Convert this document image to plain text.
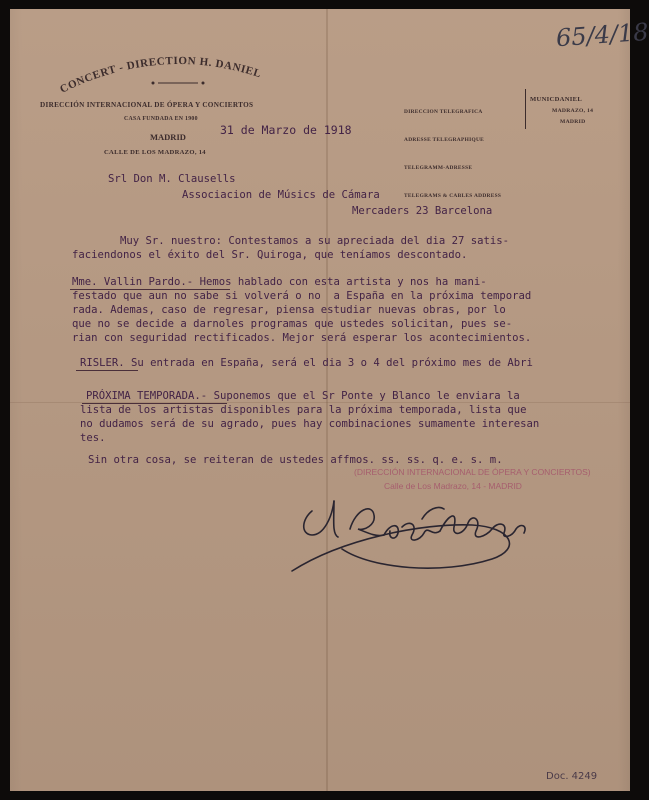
CONCERT - DIRECTION H. DANIEL
DIRECCIÓN INTERNACIONAL DE ÓPERA Y CONCIERTOS
CASA FUNDADA EN 1900
MADRID
CALLE DE LOS MADRAZO, 14

DIRECCION TELEGRAFICA

ADRESSE TELEGRAPHIQUE

TELEGRAMM-ADRESSE

TELEGRAMS & CABLES ADDRESS

MUNICDANIEL
MADRAZO, 14
MADRID
65/4/18
31 de Marzo de 1918
Srl Don M. Clausells
Associacion de Músics de Cámara
Mercaders 23 Barcelona
Muy Sr. nuestro: Contestamos a su apreciada del dia 27 satis-
faciendonos el éxito del Sr. Quiroga, que teníamos descontado.
Mme. Vallin Pardo.- Hemos hablado con esta artista y nos ha mani-
festado que aun no sabe si volverá o no  a España en la próxima temporad
rada. Ademas, caso de regresar, piensa estudiar nuevas obras, por lo
que no se decide a darnoles programas que ustedes solicitan, pues se-
rian con seguridad rectificados. Mejor será esperar los acontecimientos.
RISLER. Su entrada en España, será el dia 3 o 4 del próximo mes de Abri
PRÓXIMA TEMPORADA.- Suponemos que el Sr Ponte y Blanco le enviara la
lista de los artistas disponibles para la próxima temporada, lista que
no dudamos será de su agrado, pues hay combinaciones sumamente interesan
tes.
Sin otra cosa, se reiteran de ustedes affmos. ss. ss. q. e. s. m.
(DIRECCIÓN INTERNACIONAL DE ÓPERA Y CONCIERTOS)
Calle de Los Madrazo, 14 - MADRID
Doc. 4249
